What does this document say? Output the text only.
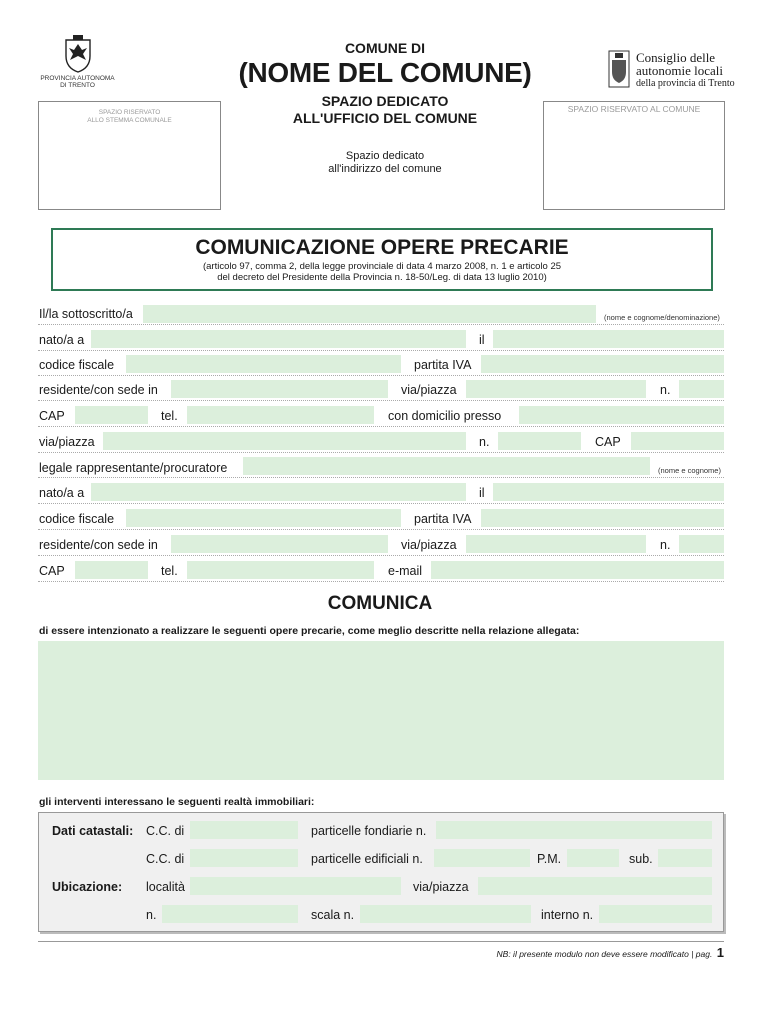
PROVINCIA AUTONOMA
DI TRENTO
COMUNE DI
(NOME DEL COMUNE)
SPAZIO DEDICATO
ALL'UFFICIO DEL COMUNE
Spazio dedicato
all'indirizzo del comune
SPAZIO RISERVATO
ALLO STEMMA COMUNALE
SPAZIO RISERVATO AL COMUNE
Consiglio delle
autonomie locali
della provincia di Trento
COMUNICAZIONE OPERE PRECARIE
(articolo 97, comma 2, della legge provinciale di data 4 marzo 2008, n. 1 e articolo 25
del decreto del Presidente della Provincia n. 18-50/Leg. di data 13 luglio 2010)
Il/la sottoscritto/a	(nome e cognome/denominazione)
nato/a a	il
codice fiscale	partita IVA
residente/con sede in	via/piazza	n.
CAP	tel.	con domicilio presso
via/piazza	n.	CAP
legale rappresentante/procuratore	(nome e cognome)
nato/a a	il
codice fiscale	partita IVA
residente/con sede in	via/piazza	n.
CAP	tel.	e-mail
COMUNICA
di essere intenzionato a realizzare le seguenti opere precarie, come meglio descritte nella relazione allegata:
gli interventi interessano le seguenti realtà immobiliari:
Dati catastali: C.C. di	particelle fondiarie n.
C.C. di	particelle edificiali n.	P.M.	sub.
Ubicazione: località	via/piazza
n.	scala n.	interno n.
NB: il presente modulo non deve essere modificato | pag. 1
